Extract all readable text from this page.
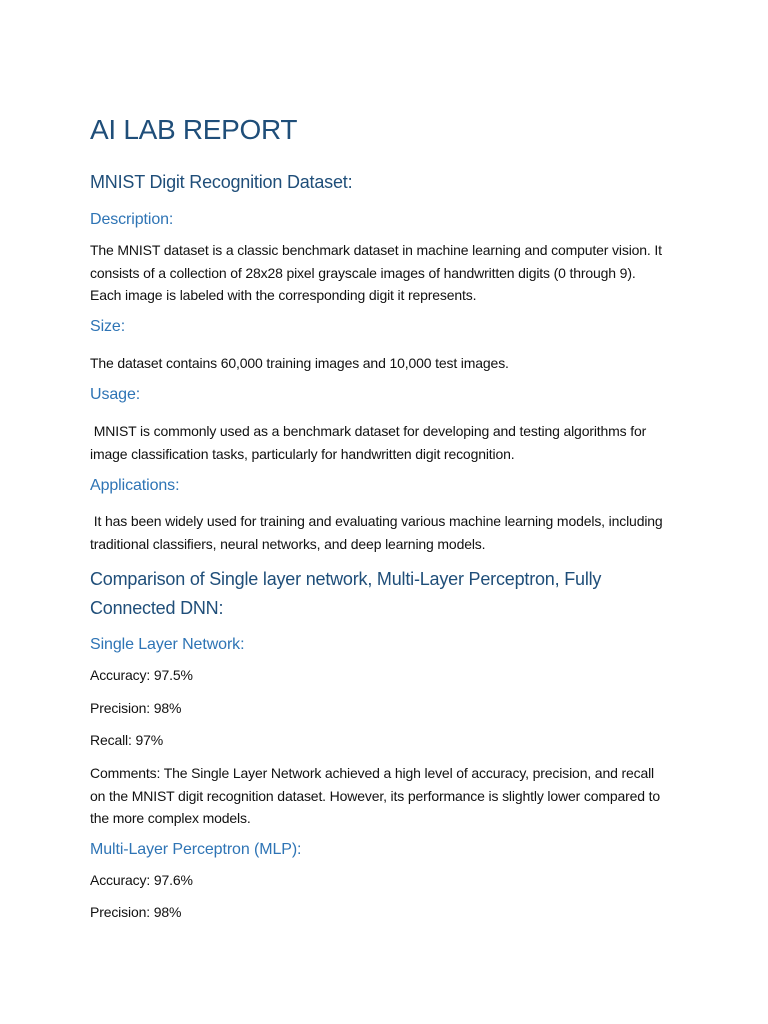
AI LAB REPORT
MNIST Digit Recognition Dataset:
Description:

The MNIST dataset is a classic benchmark dataset in machine learning and computer vision. It consists of a collection of 28x28 pixel grayscale images of handwritten digits (0 through 9). Each image is labeled with the corresponding digit it represents.

Size:

The dataset contains 60,000 training images and 10,000 test images.

Usage:

MNIST is commonly used as a benchmark dataset for developing and testing algorithms for image classification tasks, particularly for handwritten digit recognition.

Applications:

It has been widely used for training and evaluating various machine learning models, including traditional classifiers, neural networks, and deep learning models.

Comparison of Single layer network, Multi-Layer Perceptron, Fully Connected DNN:
Single Layer Network:

Accuracy: 97.5%

Precision: 98%

Recall: 97%

Comments: The Single Layer Network achieved a high level of accuracy, precision, and recall on the MNIST digit recognition dataset. However, its performance is slightly lower compared to the more complex models.

Multi-Layer Perceptron (MLP):

Accuracy: 97.6%

Precision: 98%
